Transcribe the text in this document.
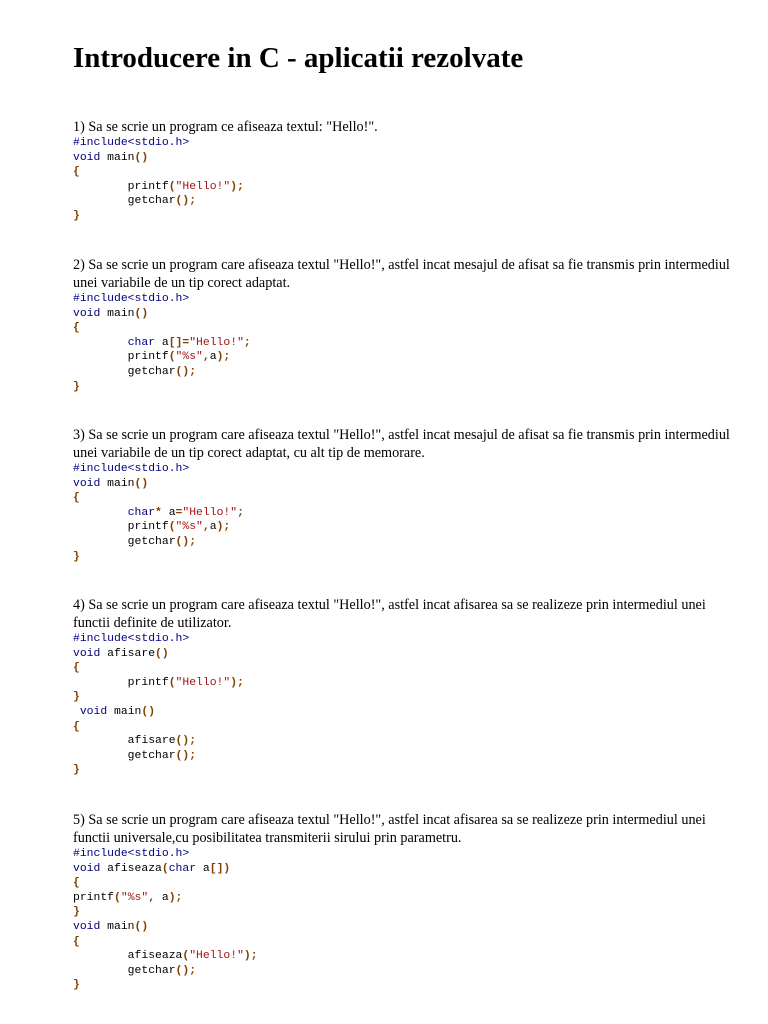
Introducere in C - aplicatii rezolvate

1) Sa se scrie un program ce afiseaza textul: "Hello!".

#include<stdio.h>
void main()
{
printf("Hello!");
getchar();
}

2) Sa se scrie un program care afiseaza textul "Hello!", astfel incat mesajul de afisat sa fie transmis prin intermediul unei variabile de un tip corect adaptat.

#include<stdio.h>
void main()
{
char a[]="Hello!";
printf("%s",a);
getchar();
}

3) Sa se scrie un program care afiseaza textul "Hello!", astfel incat mesajul de afisat sa fie transmis prin intermediul unei variabile de un tip corect adaptat, cu alt tip de memorare.

#include<stdio.h>
void main()
{
char* a="Hello!";
printf("%s",a);
getchar();
}

4) Sa se scrie un program care afiseaza textul "Hello!", astfel incat afisarea sa se realizeze prin intermediul unei functii definite de utilizator.

#include<stdio.h>
void afisare()
{
printf("Hello!");
}
void main()
{
afisare();
getchar();
}

5) Sa se scrie un program care afiseaza textul "Hello!", astfel incat afisarea sa se realizeze prin intermediul unei functii universale,cu posibilitatea transmiterii sirului prin parametru.

#include<stdio.h>
void afiseaza(char a[])
{
printf("%s", a);
}
void main()
{
afiseaza("Hello!");
getchar();
}
